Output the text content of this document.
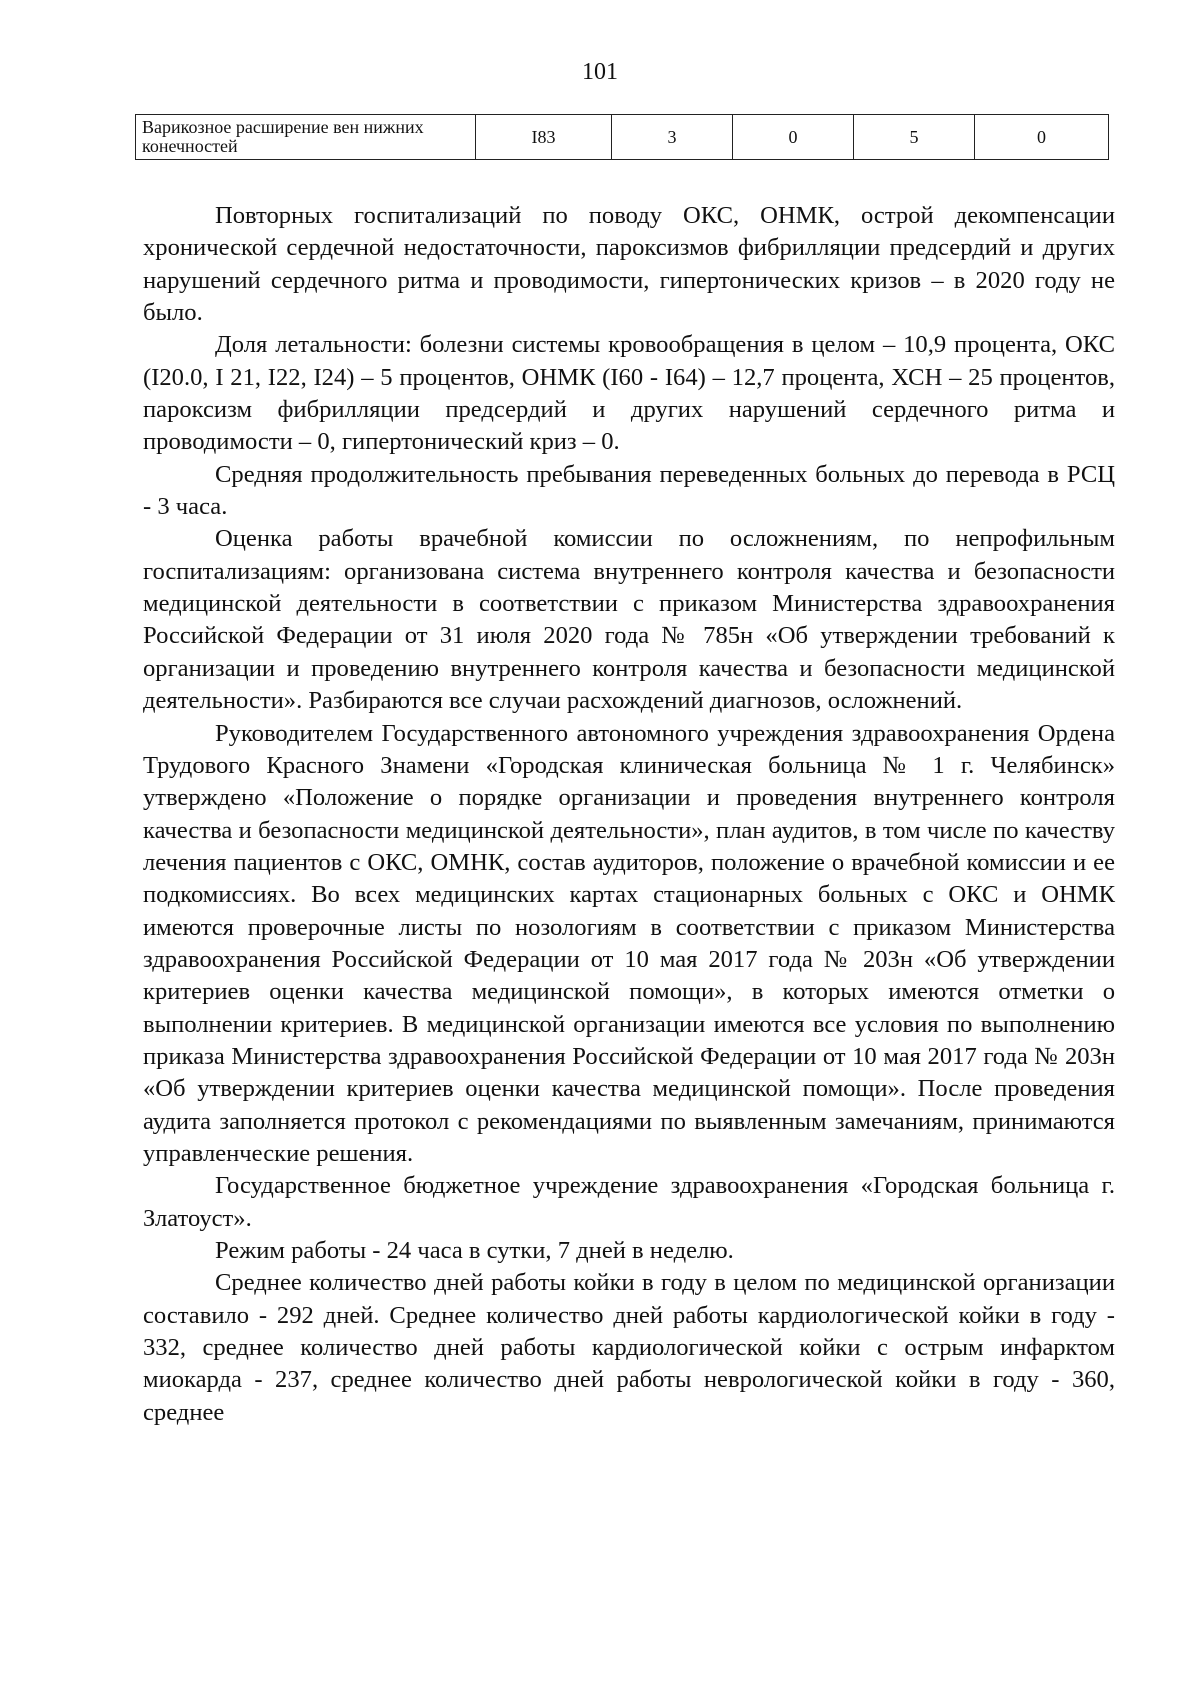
101
Варикозное расширение вен нижних конечностей	I83	3	0	5	0

Повторных госпитализаций по поводу ОКС, ОНМК, острой декомпенсации хронической сердечной недостаточности, пароксизмов фибрилляции предсердий и других нарушений сердечного ритма и проводимости, гипертонических кризов – в 2020 году не было.

Доля летальности: болезни системы кровообращения в целом – 10,9 процента, ОКС (I20.0, I 21, I22, I24) – 5 процентов, ОНМК (I60 - I64) – 12,7 процента, ХСН – 25 процентов, пароксизм фибрилляции предсердий и других нарушений сердечного ритма и проводимости – 0, гипертонический криз – 0.

Средняя продолжительность пребывания переведенных больных до перевода в РСЦ - 3 часа.

Оценка работы врачебной комиссии по осложнениям, по непрофильным госпитализациям: организована система внутреннего контроля качества и безопасности медицинской деятельности в соответствии с приказом Министерства здравоохранения Российской Федерации от 31 июля 2020 года № 785н «Об утверждении требований к организации и проведению внутреннего контроля качества и безопасности медицинской деятельности». Разбираются все случаи расхождений диагнозов, осложнений.

Руководителем Государственного автономного учреждения здравоохранения Ордена Трудового Красного Знамени «Городская клиническая больница № 1 г. Челябинск» утверждено «Положение о порядке организации и проведения внутреннего контроля качества и безопасности медицинской деятельности», план аудитов, в том числе по качеству лечения пациентов с ОКС, ОМНК, состав аудиторов, положение о врачебной комиссии и ее подкомиссиях. Во всех медицинских картах стационарных больных с ОКС и ОНМК имеются проверочные листы по нозологиям в соответствии с приказом Министерства здравоохранения Российской Федерации от 10 мая 2017 года № 203н «Об утверждении критериев оценки качества медицинской помощи», в которых имеются отметки о выполнении критериев. В медицинской организации имеются все условия по выполнению приказа Министерства здравоохранения Российской Федерации от 10 мая 2017 года № 203н «Об утверждении критериев оценки качества медицинской помощи». После проведения аудита заполняется протокол с рекомендациями по выявленным замечаниям, принимаются управленческие решения.

Государственное бюджетное учреждение здравоохранения «Городская больница г. Златоуст».

Режим работы - 24 часа в сутки, 7 дней в неделю.

Среднее количество дней работы койки в году в целом по медицинской организации составило - 292 дней. Среднее количество дней работы кардиологической койки в году - 332, среднее количество дней работы кардиологической койки с острым инфарктом миокарда - 237, среднее количество дней работы неврологической койки в году - 360, среднее
